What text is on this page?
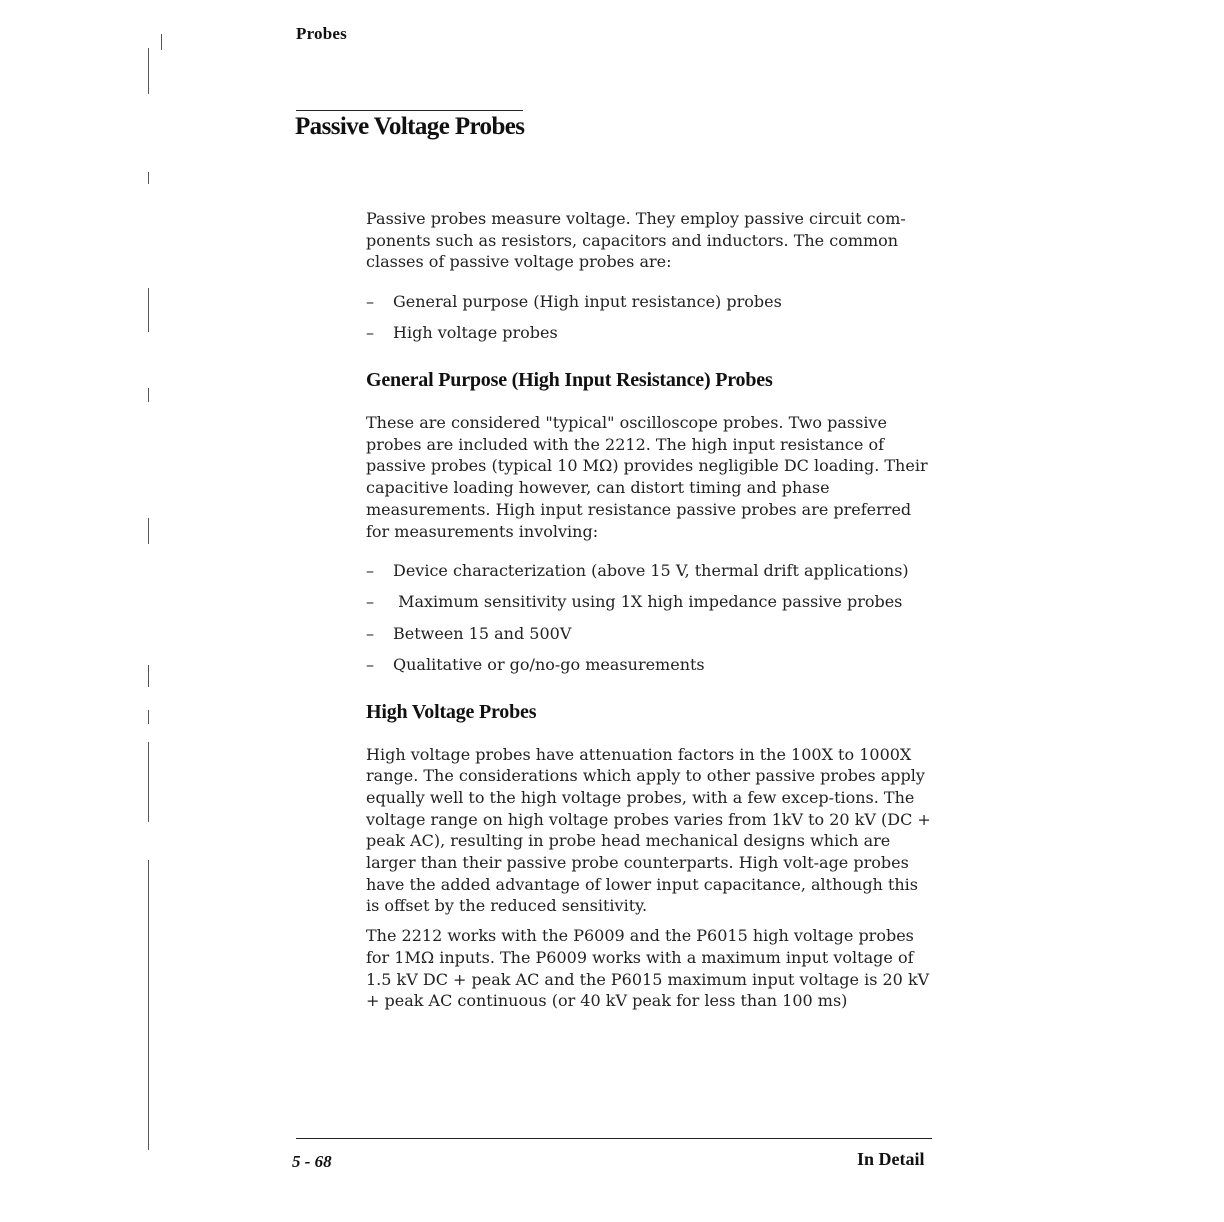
Probes
Passive Voltage Probes

Passive probes measure voltage. They employ passive circuit com-ponents such as resistors, capacitors and inductors. The common classes of passive voltage probes are:

– General purpose (High input resistance) probes
– High voltage probes
General Purpose (High Input Resistance) Probes

These are considered "typical" oscilloscope probes. Two passive probes are included with the 2212. The high input resistance of passive probes (typical 10 MΩ) provides negligible DC loading. Their capacitive loading however, can distort timing and phase measurements. High input resistance passive probes are preferred for measurements involving:

– Device characterization (above 15 V, thermal drift applications)
– Maximum sensitivity using 1X high impedance passive probes
– Between 15 and 500V
– Qualitative or go/no-go measurements
High Voltage Probes

High voltage probes have attenuation factors in the 100X to 1000X range. The considerations which apply to other passive probes apply equally well to the high voltage probes, with a few excep-tions. The voltage range on high voltage probes varies from 1kV to 20 kV (DC + peak AC), resulting in probe head mechanical designs which are larger than their passive probe counterparts. High volt-age probes have the added advantage of lower input capacitance, although this is offset by the reduced sensitivity.

The 2212 works with the P6009 and the P6015 high voltage probes for 1MΩ inputs. The P6009 works with a maximum input voltage of 1.5 kV DC + peak AC and the P6015 maximum input voltage is 20 kV + peak AC continuous (or 40 kV peak for less than 100 ms)

5 - 68	In Detail
